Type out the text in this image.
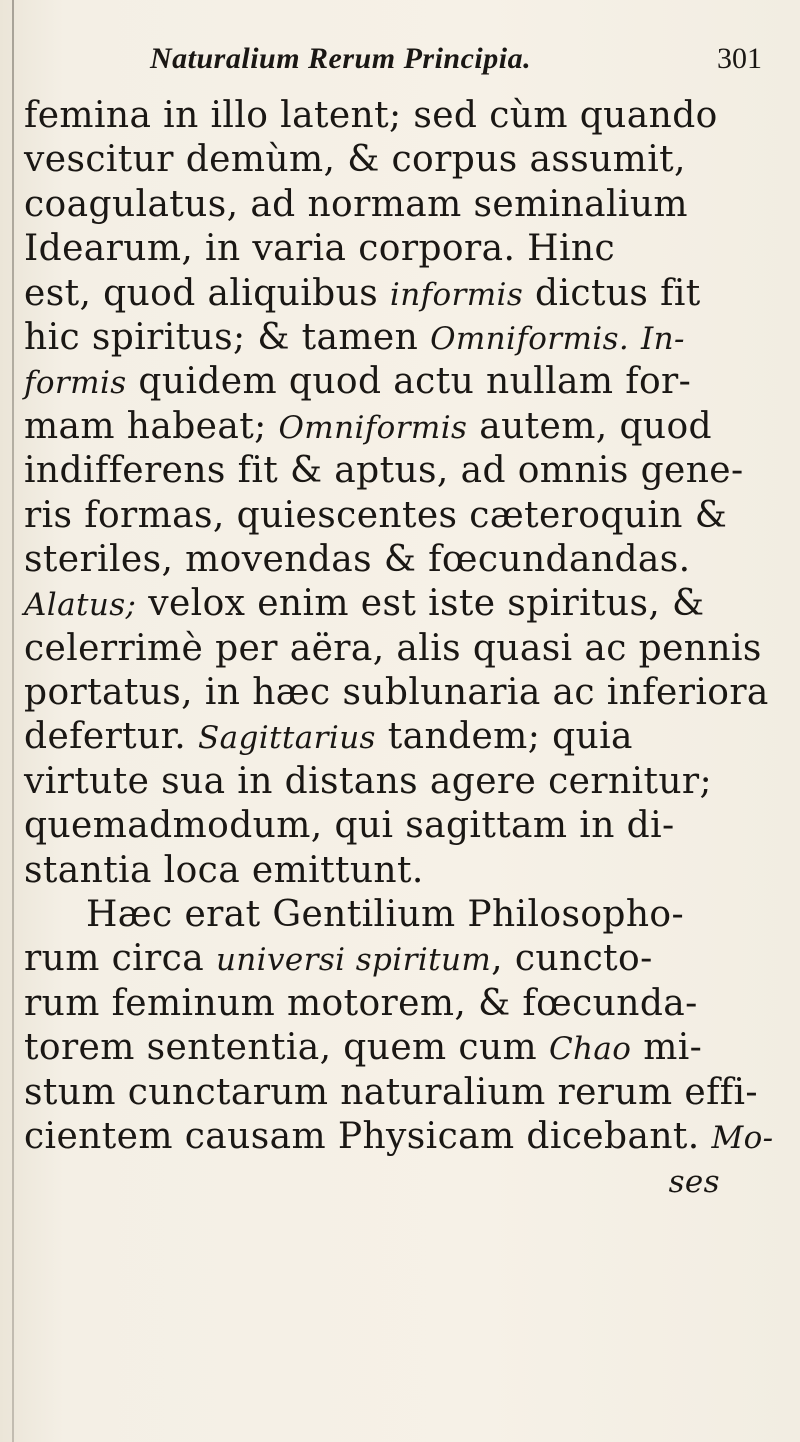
Naturalium Rerum Principia.	301
femina in illo latent; sed cùm quando
vescitur demùm, & corpus assumit,
coagulatus, ad normam seminalium
Idearum, in varia corpora. Hinc
est, quod aliquibus informis dictus fit
hic spiritus; & tamen Omniformis. In-
formis quidem quod actu nullam for-
mam habeat; Omniformis autem, quod
indifferens fit & aptus, ad omnis gene-
ris formas, quiescentes cæteroquin &
steriles, movendas & fœcundandas.
Alatus; velox enim est iste spiritus, &
celerrimè per aëra, alis quasi ac pennis
portatus, in hæc sublunaria ac inferiora
defertur. Sagittarius tandem; quia
virtute sua in distans agere cernitur;
quemadmodum, qui sagittam in di-
stantia loca emittunt.
Hæc erat Gentilium Philosopho-
rum circa universi spiritum, cuncto-
rum feminum motorem, & fœcunda-
torem sententia, quem cum Chao mi-
stum cunctarum naturalium rerum effi-
cientem causam Physicam dicebant. Mo-
ses
